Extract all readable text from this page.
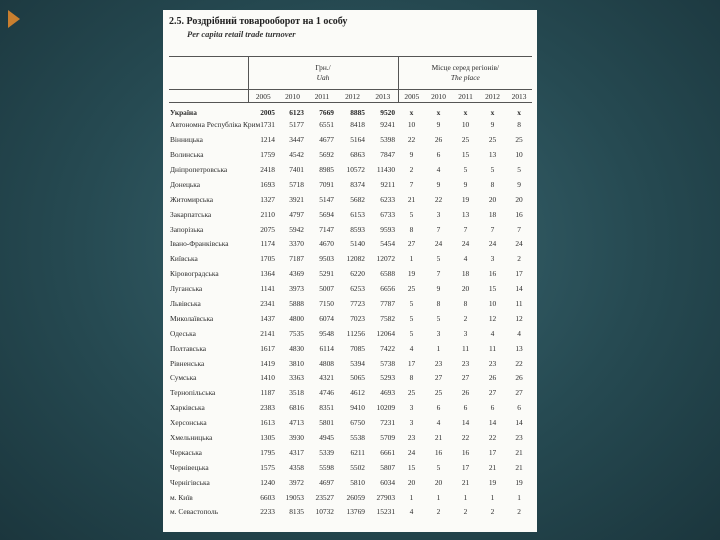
2.5. Роздрібний товарооборот на 1 особу
Per capita retail trade turnover
	Грн./
Uah					Місце серед регіонів/
The place				
	2005	2010	2011	2012	2013	2005	2010	2011	2012	2013
Україна	2005	6123	7669	8885	9520	x	x	x	x	x
Автономна Республіка Крим	1731	5177	6551	8418	9241	10	9	10	9	8
Вінницька	1214	3447	4677	5164	5398	22	26	25	25	25
Волинська	1759	4542	5692	6863	7847	9	6	15	13	10
Дніпропетровська	2418	7401	8985	10572	11430	2	4	5	5	5
Донецька	1693	5718	7091	8374	9211	7	9	9	8	9
Житомирська	1327	3921	5147	5682	6233	21	22	19	20	20
Закарпатська	2110	4797	5694	6153	6733	5	3	13	18	16
Запорізька	2075	5942	7147	8593	9593	8	7	7	7	7
Івано-Франківська	1174	3370	4670	5140	5454	27	24	24	24	24
Київська	1705	7187	9503	12082	12072	1	5	4	3	2
Кіровоградська	1364	4369	5291	6220	6588	19	7	18	16	17
Луганська	1141	3973	5007	6253	6656	25	9	20	15	14
Львівська	2341	5888	7150	7723	7787	5	8	8	10	11
Миколаївська	1437	4800	6074	7023	7582	5	5	2	12	12
Одеська	2141	7535	9548	11256	12064	5	3	3	4	4
Полтавська	1617	4830	6114	7085	7422	4	1	11	11	13
Рівненська	1419	3810	4808	5394	5738	17	23	23	23	22
Сумська	1410	3363	4321	5065	5293	8	27	27	26	26
Тернопільська	1187	3518	4746	4612	4693	25	25	26	27	27
Харківська	2383	6816	8351	9410	10209	3	6	6	6	6
Херсонська	1613	4713	5801	6750	7231	3	4	14	14	14
Хмельницька	1305	3930	4945	5538	5709	23	21	22	22	23
Черкаська	1795	4317	5339	6211	6661	24	16	16	17	21
Чернівецька	1575	4358	5598	5502	5807	15	5	17	21	21
Чернігівська	1240	3972	4697	5810	6034	20	20	21	19	19
м. Київ	6603	19053	23527	26059	27903	1	1	1	1	1
м. Севастополь	2233	8135	10732	13769	15231	4	2	2	2	2
